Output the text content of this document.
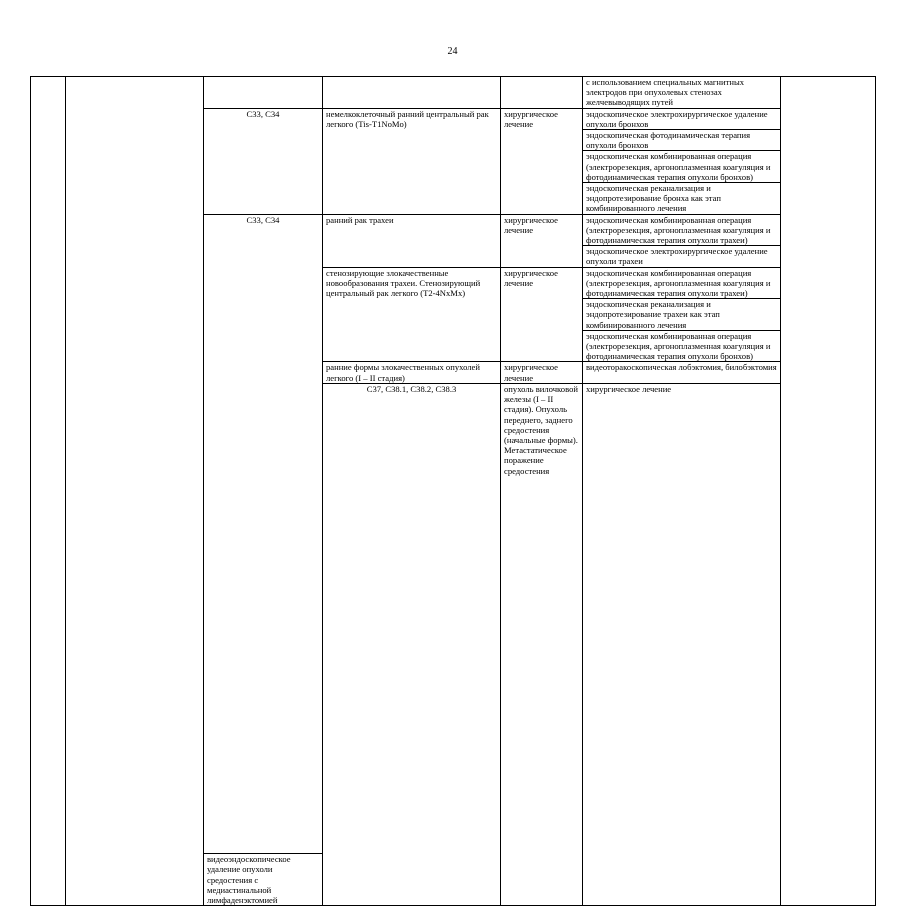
24
					с использованием специальных магнитных электродов при опухолевых стенозах желчевыводящих путей		
		C33, C34	немелкоклеточный ранний центральный рак легкого (Tis-T1NoMo)	хирургическое лечение	эндоскопическое электрохирургическое удаление опухоли бронхов		
					эндоскопическая фотодинамическая терапия опухоли бронхов		
					эндоскопическая комбинированная операция (электрорезекция, аргоноплазменная коагуляция и фотодинамическая терапия опухоли бронхов)		
					эндоскопическая реканализация и эндопротезирование бронха как этап комбинированного лечения		
		C33, C34	ранний рак трахеи	хирургическое лечение	эндоскопическая комбинированная операция (электрорезекция, аргоноплазменная коагуляция и фотодинамическая терапия опухоли трахеи)		
					эндоскопическое электрохирургическое удаление опухоли трахеи		
			стенозирующие злокачественные новообразования трахеи. Стенозирующий центральный рак легкого (T2-4NxMx)	хирургическое лечение	эндоскопическая комбинированная операция (электрорезекция, аргоноплазменная коагуляция и фотодинамическая терапия опухоли трахеи)		
					эндоскопическая реканализация и эндопротезирование трахеи как этап комбинированного лечения		
					эндоскопическая комбинированная операция (электрорезекция, аргоноплазменная коагуляция и фотодинамическая терапия опухоли бронхов)		
			ранние формы злокачественных опухолей легкого (I – II стадия)	хирургическое лечение	видеоторакоскопическая лобэктомия, билобэктомия		
			C37, C38.1, C38.2, C38.3	опухоль вилочковой железы (I – II стадия). Опухоль переднего, заднего средостения (начальные формы). Метастатическое поражение средостения	хирургическое лечение	
		видеоэндоскопическое удаление опухоли средостения с медиастинальной лимфаденэктомией					
